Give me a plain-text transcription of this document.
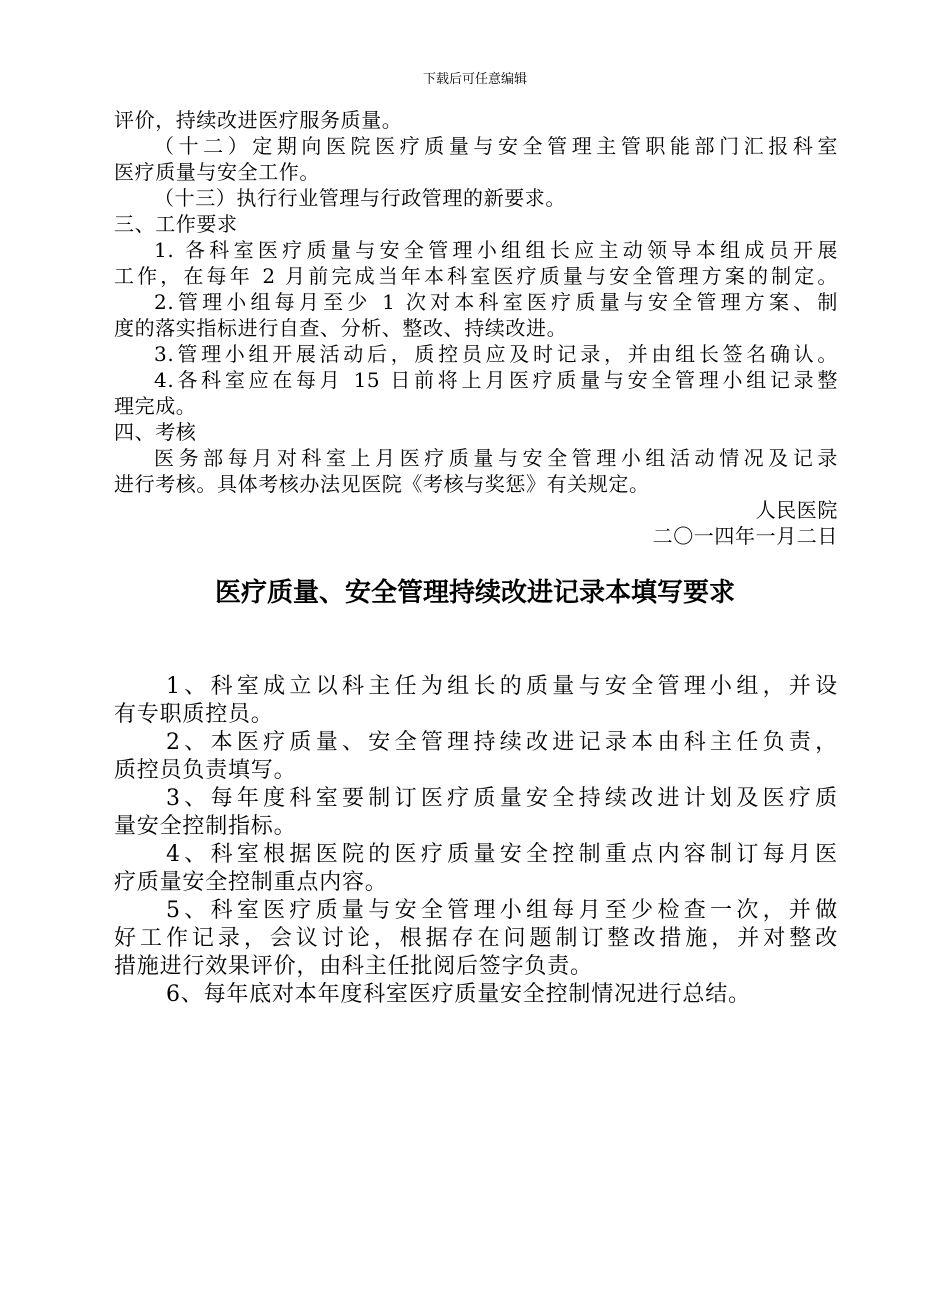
下载后可任意编辑
评价，持续改进医疗服务质量。
（十二）定期向医院医疗质量与安全管理主管职能部门汇报科室
医疗质量与安全工作。
（十三）执行行业管理与行政管理的新要求。
三、工作要求
1. 各科室医疗质量与安全管理小组组长应主动领导本组成员开展
工作，在每年 2 月前完成当年本科室医疗质量与安全管理方案的制定。
2.管理小组每月至少 1 次对本科室医疗质量与安全管理方案、制
度的落实指标进行自查、分析、整改、持续改进。
3.管理小组开展活动后，质控员应及时记录，并由组长签名确认。
4.各科室应在每月 15 日前将上月医疗质量与安全管理小组记录整
理完成。
四、考核
医务部每月对科室上月医疗质量与安全管理小组活动情况及记录
进行考核。具体考核办法见医院《考核与奖惩》有关规定。
人民医院
二〇一四年一月二日
医疗质量、安全管理持续改进记录本填写要求
1、科室成立以科主任为组长的质量与安全管理小组，并设
有专职质控员。
2、本医疗质量、安全管理持续改进记录本由科主任负责，
质控员负责填写。
3、每年度科室要制订医疗质量安全持续改进计划及医疗质
量安全控制指标。
4、科室根据医院的医疗质量安全控制重点内容制订每月医
疗质量安全控制重点内容。
5、科室医疗质量与安全管理小组每月至少检查一次，并做
好工作记录，会议讨论，根据存在问题制订整改措施，并对整改
措施进行效果评价，由科主任批阅后签字负责。
6、每年底对本年度科室医疗质量安全控制情况进行总结。
